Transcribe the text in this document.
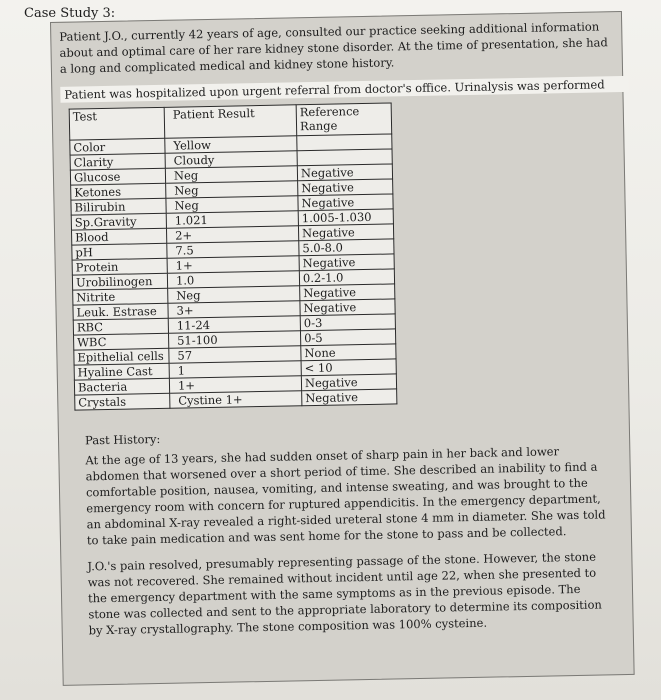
Case Study 3:

Patient J.O., currently 42 years of age, consulted our practice seeking additional information about and optimal care of her rare kidney stone disorder. At the time of presentation, she had a long and complicated medical and kidney stone history.

Patient was hospitalized upon urgent referral from doctor's office. Urinalysis was performed
Test	Patient Result	Reference Range
Color	Yellow	
Clarity	Cloudy	
Glucose	Neg	Negative
Ketones	Neg	Negative
Bilirubin	Neg	Negative
Sp.Gravity	1.021	1.005-1.030
Blood	2+	Negative
pH	7.5	5.0-8.0
Protein	1+	Negative
Urobilinogen	1.0	0.2-1.0
Nitrite	Neg	Negative
Leuk. Estrase	3+	Negative
RBC	11-24	0-3
WBC	51-100	0-5
Epithelial cells	57	None
Hyaline Cast	1	< 10
Bacteria	1+	Negative
Crystals	Cystine 1+	Negative

Past History:

At the age of 13 years, she had sudden onset of sharp pain in her back and lower abdomen that worsened over a short period of time. She described an inability to find a comfortable position, nausea, vomiting, and intense sweating, and was brought to the emergency room with concern for ruptured appendicitis. In the emergency department, an abdominal X-ray revealed a right-sided ureteral stone 4 mm in diameter. She was told to take pain medication and was sent home for the stone to pass and be collected.

J.O.'s pain resolved, presumably representing passage of the stone. However, the stone was not recovered. She remained without incident until age 22, when she presented to the emergency department with the same symptoms as in the previous episode. The stone was collected and sent to the appropriate laboratory to determine its composition by X-ray crystallography. The stone composition was 100% cysteine.
